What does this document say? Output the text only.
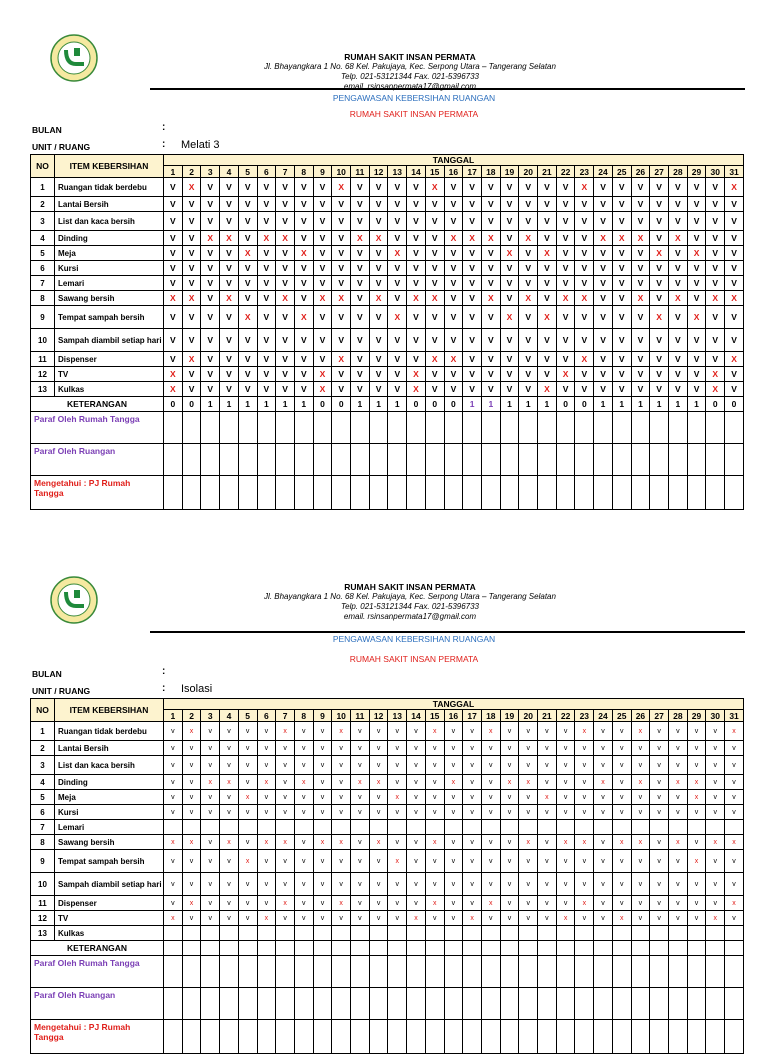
RUMAH SAKIT INSAN PERMATA
Jl. Bhayangkara 1 No. 68 Kel. Pakujaya, Kec. Serpong Utara – Tangerang Selatan
Telp. 021-53121344 Fax. 021-5396733
email. rsinsanpermata17@gmail.com
PENGAWASAN KEBERSIHAN RUANGAN
RUMAH SAKIT INSAN PERMATA
BULAN	:
UNIT / RUANG	: Melati 3
NO	ITEM KEBERSIHAN	TANGGAL																														
		1	2	3	4	5	6	7	8	9	10	11	12	13	14	15	16	17	18	19	20	21	22	23	24	25	26	27	28	29	30	31
1	Ruangan tidak berdebu	V	X	V	V	V	V	V	V	V	X	V	V	V	V	X	V	V	V	V	V	V	V	X	V	V	V	V	V	V	V	X
2	Lantai Bersih	V	V	V	V	V	V	V	V	V	V	V	V	V	V	V	V	V	V	V	V	V	V	V	V	V	V	V	V	V	V	V
3	List dan kaca bersih	V	V	V	V	V	V	V	V	V	V	V	V	V	V	V	V	V	V	V	V	V	V	V	V	V	V	V	V	V	V	V
4	Dinding	V	V	X	X	V	X	X	V	V	V	X	X	V	V	V	X	X	X	V	X	V	V	V	X	X	X	V	X	V	V	V
5	Meja	V	V	V	V	X	V	V	X	V	V	V	V	X	V	V	V	V	V	X	V	X	V	V	V	V	V	X	V	X	V	V
6	Kursi	V	V	V	V	V	V	V	V	V	V	V	V	V	V	V	V	V	V	V	V	V	V	V	V	V	V	V	V	V	V	V
7	Lemari	V	V	V	V	V	V	V	V	V	V	V	V	V	V	V	V	V	V	V	V	V	V	V	V	V	V	V	V	V	V	V
8	Sawang bersih	X	X	V	X	V	V	X	V	X	X	V	X	V	X	X	V	V	X	V	X	V	X	X	V	V	X	V	X	V	X	X
9	Tempat sampah bersih	V	V	V	V	X	V	V	X	V	V	V	V	X	V	V	V	V	V	X	V	X	V	V	V	V	V	X	V	X	V	V
10	Sampah diambil setiap hari	V	V	V	V	V	V	V	V	V	V	V	V	V	V	V	V	V	V	V	V	V	V	V	V	V	V	V	V	V	V	V
11	Dispenser	V	X	V	V	V	V	V	V	V	X	V	V	V	V	X	X	V	V	V	V	V	V	X	V	V	V	V	V	V	V	X
12	TV	X	V	V	V	V	V	V	V	X	V	V	V	V	X	V	V	V	V	V	V	V	X	V	V	V	V	V	V	V	X	V
13	Kulkas	X	V	V	V	V	V	V	V	X	V	V	V	V	X	V	V	V	V	V	V	X	V	V	V	V	V	V	V	V	X	V
KETERANGAN		0	0	1	1	1	1	1	1	0	0	1	1	1	0	0	0	1	1	1	1	1	0	0	1	1	1	1	1	1	0	0
Paraf Oleh Rumah Tangga																																
Paraf Oleh Ruangan																																
Mengetahui : PJ Rumah Tangga																																
RUMAH SAKIT INSAN PERMATA
Jl. Bhayangkara 1 No. 68 Kel. Pakujaya, Kec. Serpong Utara – Tangerang Selatan
Telp. 021-53121344 Fax. 021-5396733
email. rsinsanpermata17@gmail.com
PENGAWASAN KEBERSIHAN RUANGAN
RUMAH SAKIT INSAN PERMATA
BULAN	:
UNIT / RUANG	: Isolasi
NO	ITEM KEBERSIHAN	TANGGAL																														
		1	2	3	4	5	6	7	8	9	10	11	12	13	14	15	16	17	18	19	20	21	22	23	24	25	26	27	28	29	30	31
1	Ruangan tidak berdebu	v	x	v	v	v	v	x	v	v	x	v	v	v	v	x	v	v	x	v	v	v	v	x	v	v	x	v	v	v	v	x
2	Lantai Bersih	v	v	v	v	v	v	v	v	v	v	v	v	v	v	v	v	v	v	v	v	v	v	v	v	v	v	v	v	v	v	v
3	List dan kaca bersih	v	v	v	v	v	v	v	v	v	v	v	v	v	v	v	v	v	v	v	v	v	v	v	v	v	v	v	v	v	v	v
4	Dinding	v	v	x	x	v	x	v	x	v	v	x	x	v	v	v	x	v	v	x	x	v	v	v	x	v	x	v	x	x	v	v
5	Meja	v	v	v	v	x	v	v	v	v	v	v	v	x	v	v	v	v	v	v	v	x	v	v	v	v	v	v	v	x	v	v
6	Kursi	v	v	v	v	v	v	v	v	v	v	v	v	v	v	v	v	v	v	v	v	v	v	v	v	v	v	v	v	v	v	v
7	Lemari																															
8	Sawang bersih	x	x	v	x	v	x	x	v	x	x	v	x	v	v	x	v	v	v	v	x	v	x	x	v	x	x	v	x	v	x	x
9	Tempat sampah bersih	v	v	v	v	x	v	v	v	v	v	v	v	x	v	v	v	v	v	v	v	v	v	v	v	v	v	v	v	x	v	v
10	Sampah diambil setiap hari	v	v	v	v	v	v	v	v	v	v	v	v	v	v	v	v	v	v	v	v	v	v	v	v	v	v	v	v	v	v	v
11	Dispenser	v	x	v	v	v	v	x	v	v	x	v	v	v	v	x	v	v	x	v	v	v	v	x	v	v	v	v	v	v	v	x
12	TV	x	v	v	v	v	x	v	v	v	v	v	v	v	x	v	v	x	v	v	v	v	x	v	v	x	v	v	v	v	x	v
13	Kulkas																															
KETERANGAN																																
Paraf Oleh Rumah Tangga																																
Paraf Oleh Ruangan																																
Mengetahui : PJ Rumah Tangga																																
